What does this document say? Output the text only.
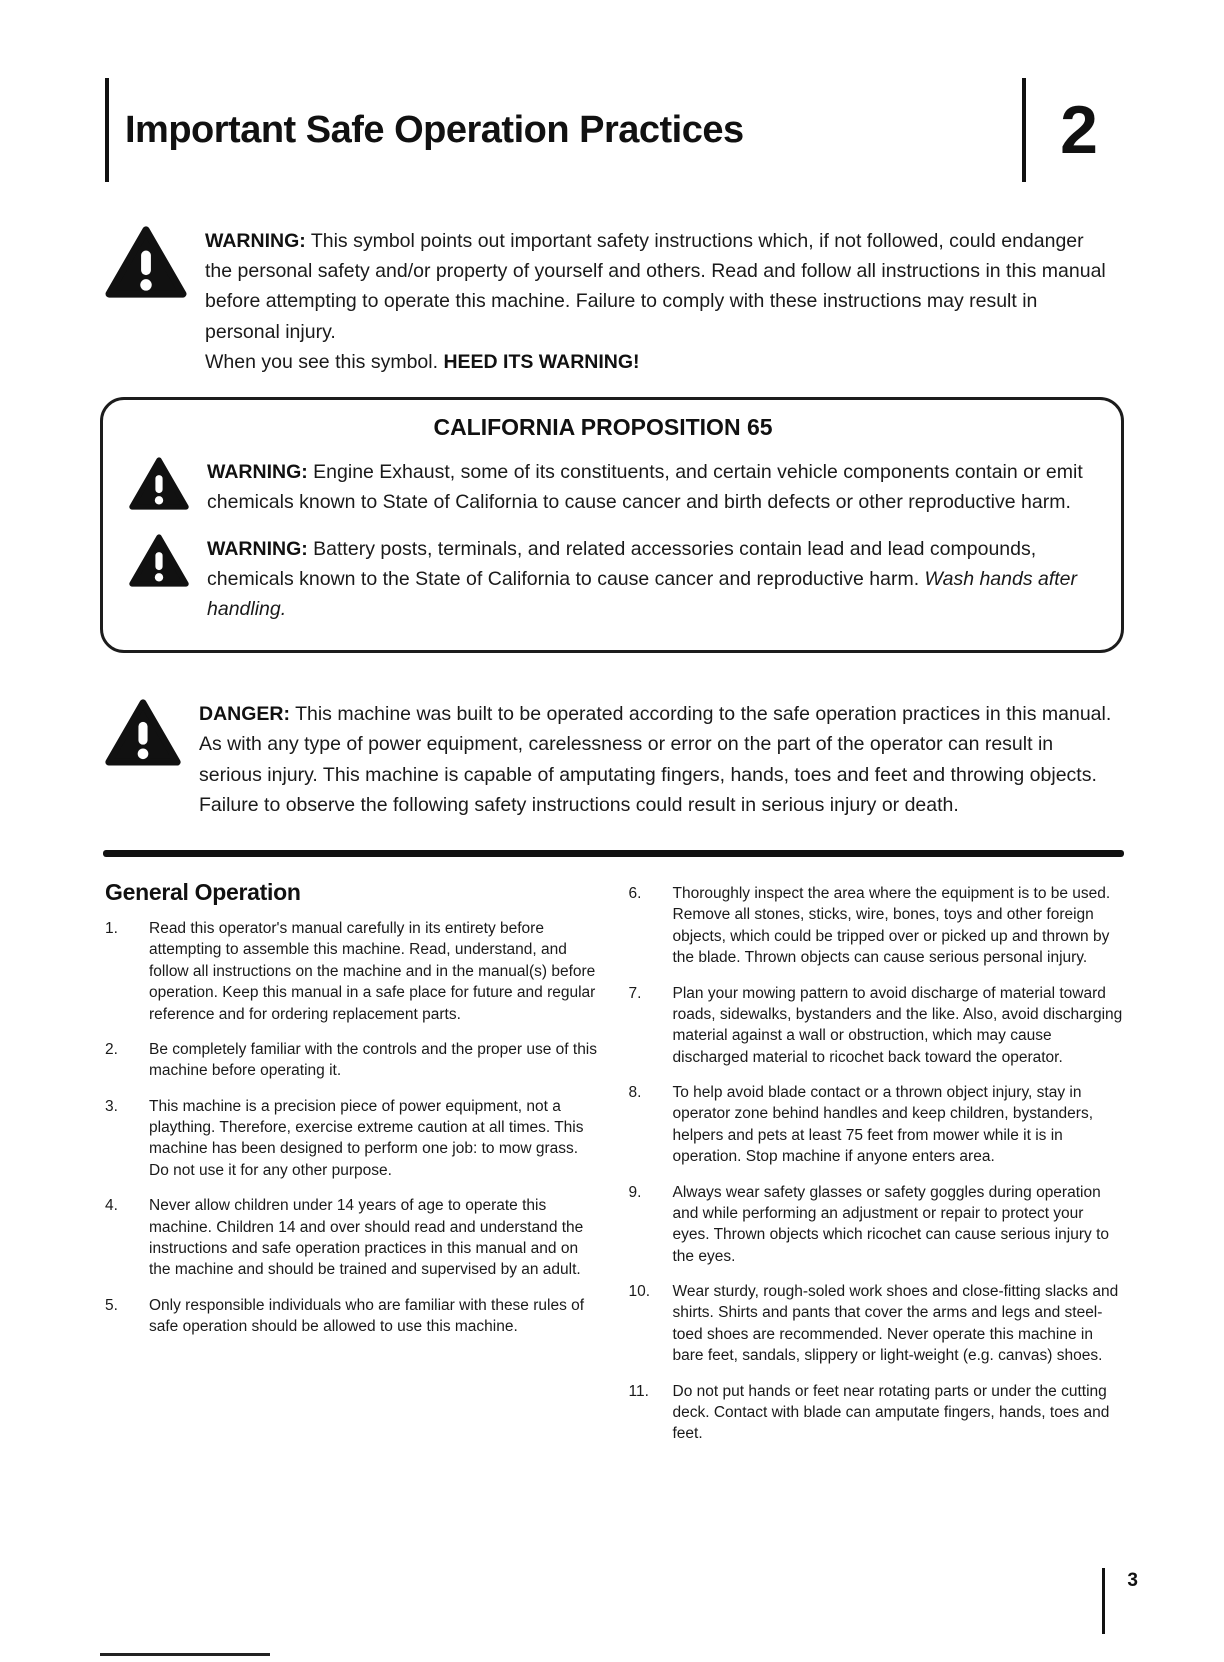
Important Safe Operation Practices	2
WARNING: This symbol points out important safety instructions which, if not followed, could endanger the personal safety and/or property of yourself and others. Read and follow all instructions in this manual before attempting to operate this machine. Failure to comply with these instructions may result in personal injury.
When you see this symbol. HEED ITS WARNING!
CALIFORNIA PROPOSITION 65
WARNING: Engine Exhaust, some of its constituents, and certain vehicle components contain or emit chemicals known to State of California to cause cancer and birth defects or other reproductive harm.
WARNING: Battery posts, terminals, and related accessories contain lead and lead compounds, chemicals known to the State of California to cause cancer and reproductive harm. Wash hands after handling.
DANGER: This machine was built to be operated according to the safe operation practices in this manual. As with any type of power equipment, carelessness or error on the part of the operator can result in serious injury. This machine is capable of amputating fingers, hands, toes and feet and throwing objects. Failure to observe the following safety instructions could result in serious injury or death.
General Operation
1.	Read this operator's manual carefully in its entirety before attempting to assemble this machine. Read, understand, and follow all instructions on the machine and in the manual(s) before operation. Keep this manual in a safe place for future and regular reference and for ordering replacement parts.
2.	Be completely familiar with the controls and the proper use of this machine before operating it.
3.	This machine is a precision piece of power equipment, not a plaything. Therefore, exercise extreme caution at all times. This machine has been designed to perform one job: to mow grass. Do not use it for any other purpose.
4.	Never allow children under 14 years of age to operate this machine. Children 14 and over should read and understand the instructions and safe operation practices in this manual and on the machine and should be trained and supervised by an adult.
5.	Only responsible individuals who are familiar with these rules of safe operation should be allowed to use this machine.
6.	Thoroughly inspect the area where the equipment is to be used. Remove all stones, sticks, wire, bones, toys and other foreign objects, which could be tripped over or picked up and thrown by the blade. Thrown objects can cause serious personal injury.
7.	Plan your mowing pattern to avoid discharge of material toward roads, sidewalks, bystanders and the like. Also, avoid discharging material against a wall or obstruction, which may cause discharged material to ricochet back toward the operator.
8.	To help avoid blade contact or a thrown object injury, stay in operator zone behind handles and keep children, bystanders, helpers and pets at least 75 feet from mower while it is in operation. Stop machine if anyone enters area.
9.	Always wear safety glasses or safety goggles during operation and while performing an adjustment or repair to protect your eyes. Thrown objects which ricochet can cause serious injury to the eyes.
10.	Wear sturdy, rough-soled work shoes and close-fitting slacks and shirts. Shirts and pants that cover the arms and legs and steel-toed shoes are recommended. Never operate this machine in bare feet, sandals, slippery or light-weight (e.g. canvas) shoes.
11.	Do not put hands or feet near rotating parts or under the cutting deck. Contact with blade can amputate fingers, hands, toes and feet.
3
